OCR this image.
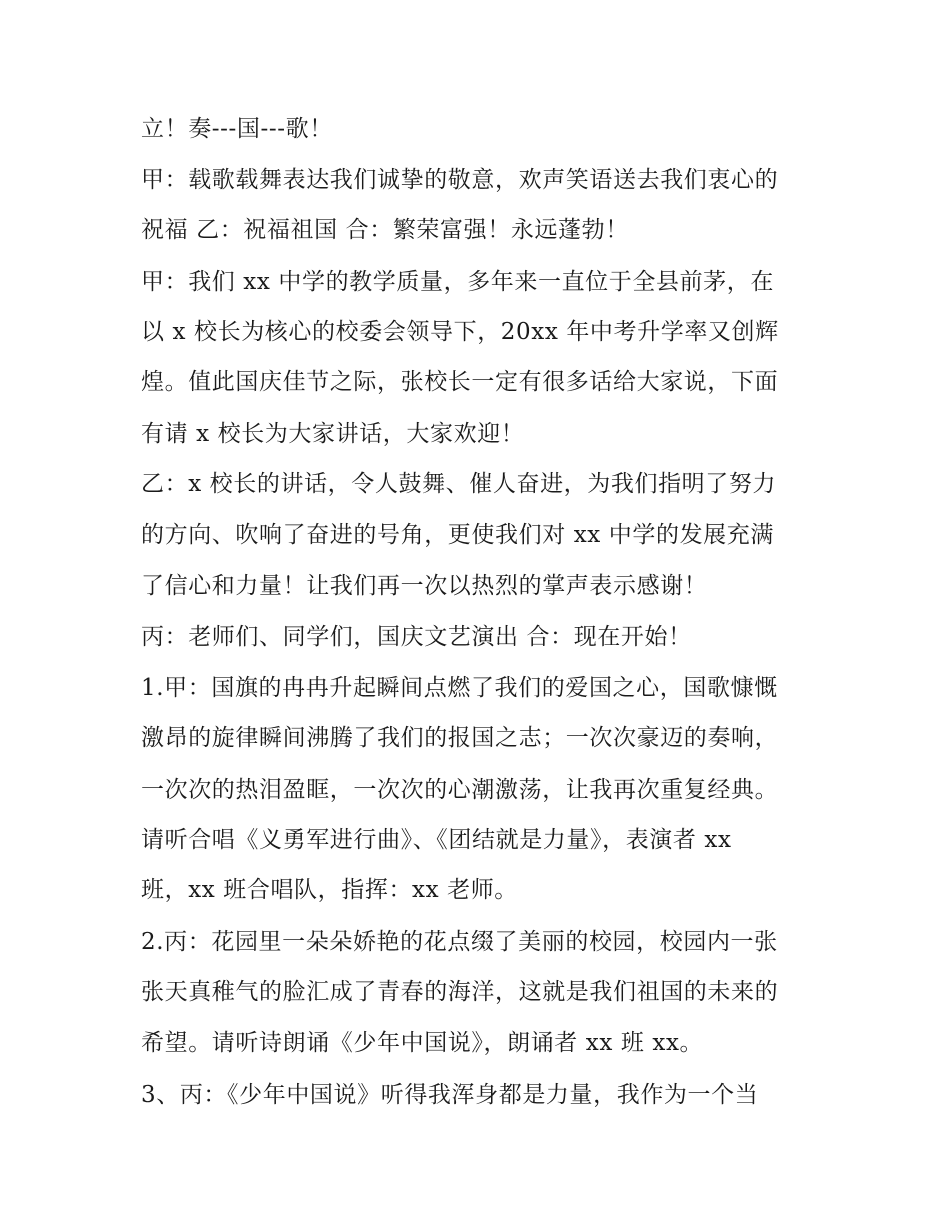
立！奏---国---歌！
甲：载歌载舞表达我们诚挚的敬意，欢声笑语送去我们衷心的
祝福 乙：祝福祖国 合：繁荣富强！永远蓬勃！
甲：我们 xx 中学的教学质量，多年来一直位于全县前茅，在
以 x 校长为核心的校委会领导下，20xx 年中考升学率又创辉
煌。值此国庆佳节之际，张校长一定有很多话给大家说，下面
有请 x 校长为大家讲话，大家欢迎！
乙：x 校长的讲话，令人鼓舞、催人奋进，为我们指明了努力
的方向、吹响了奋进的号角，更使我们对 xx 中学的发展充满
了信心和力量！让我们再一次以热烈的掌声表示感谢！
丙：老师们、同学们，国庆文艺演出 合：现在开始！
1.甲：国旗的冉冉升起瞬间点燃了我们的爱国之心，国歌慷慨
激昂的旋律瞬间沸腾了我们的报国之志；一次次豪迈的奏响，
一次次的热泪盈眶，一次次的心潮激荡，让我再次重复经典。
请听合唱《义勇军进行曲》、《团结就是力量》，表演者 xx
班，xx 班合唱队，指挥：xx 老师。
2.丙：花园里一朵朵娇艳的花点缀了美丽的校园，校园内一张
张天真稚气的脸汇成了青春的海洋，这就是我们祖国的未来的
希望。请听诗朗诵《少年中国说》，朗诵者 xx 班 xx。
3、丙：《少年中国说》听得我浑身都是力量，我作为一个当
